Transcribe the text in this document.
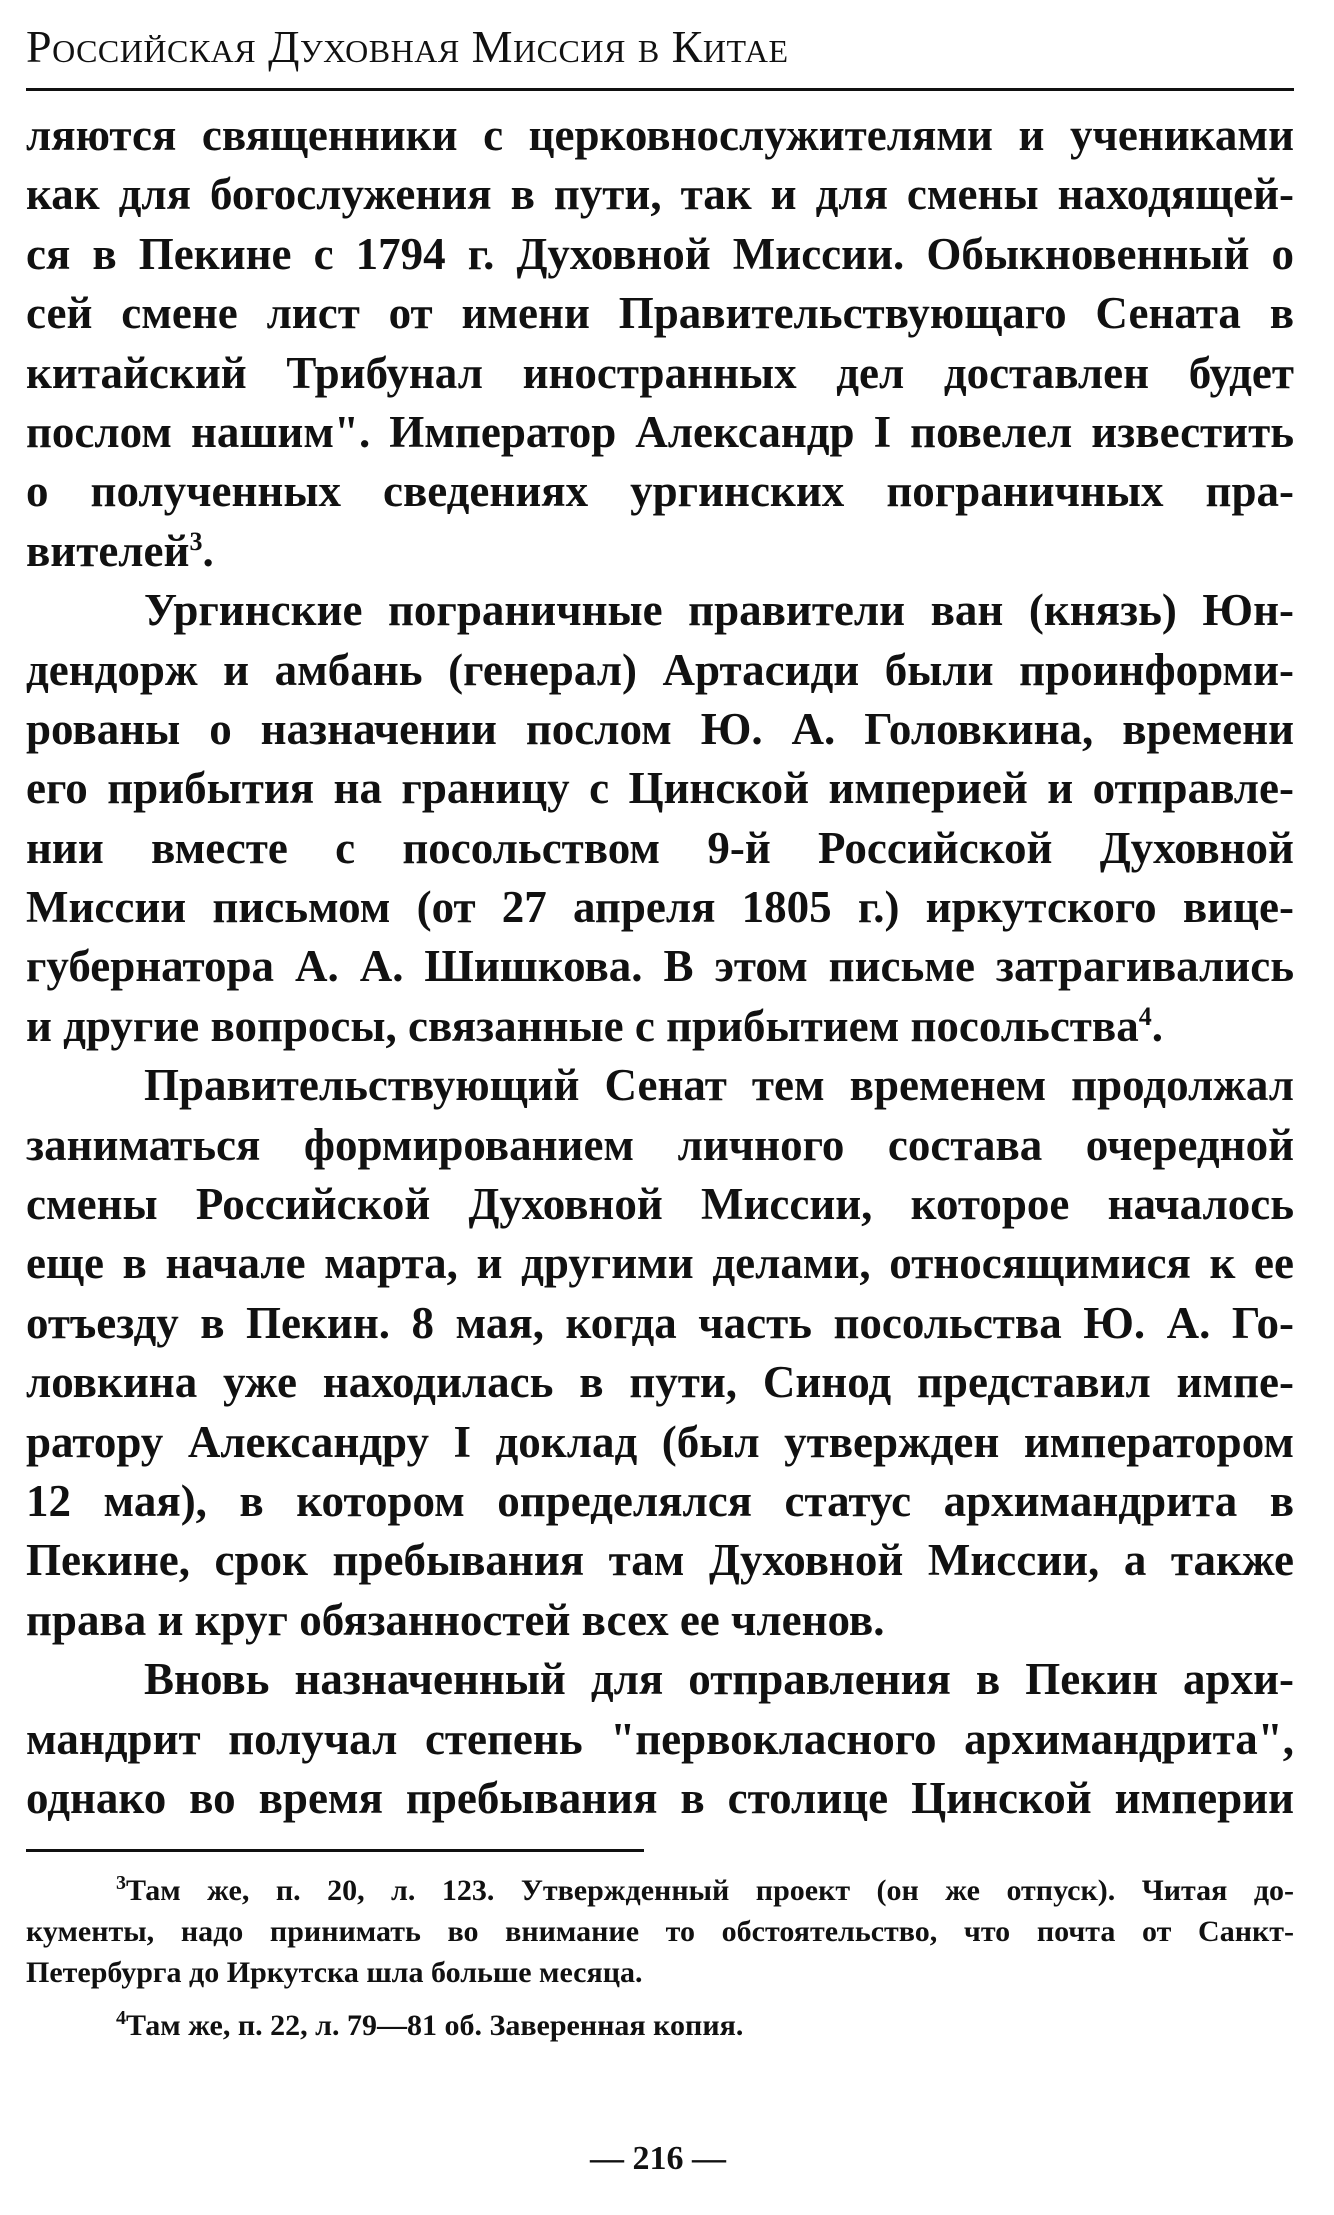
Российская Духовная Миссия в Китае
ляются священники с церковнослужителями и учениками
как для богослужения в пути, так и для смены находящей-
ся в Пекине с 1794 г. Духовной Миссии. Обыкновенный о
сей смене лист от имени Правительствующаго Сената в
китайский Трибунал иностранных дел доставлен будет
послом нашим". Император Александр I повелел известить
о полученных сведениях ургинских пограничных пра-
вителей$^3$.
Ургинские пограничные правители ван (князь) Юн-
дендорж и амбань (генерал) Артасиди были проинформи-
рованы о назначении послом Ю. А. Головкина, времени
его прибытия на границу с Цинской империей и отправле-
нии вместе с посольством 9-й Российской Духовной
Миссии письмом (от 27 апреля 1805 г.) иркутского вице-
губернатора А. А. Шишкова. В этом письме затрагивались
и другие вопросы, связанные с прибытием посольства$^4$.
Правительствующий Сенат тем временем продолжал
заниматься формированием личного состава очередной
смены Российской Духовной Миссии, которое началось
еще в начале марта, и другими делами, относящимися к ее
отъезду в Пекин. 8 мая, когда часть посольства Ю. А. Го-
ловкина уже находилась в пути, Синод представил импе-
ратору Александру I доклад (был утвержден императором
12 мая), в котором определялся статус архимандрита в
Пекине, срок пребывания там Духовной Миссии, а также
права и круг обязанностей всех ее членов.
Вновь назначенный для отправления в Пекин архи-
мандрит получал степень "первокласного архимандрита",
однако во время пребывания в столице Цинской империи
$^3$Там же, п. 20, л. 123. Утвержденный проект (он же отпуск). Читая до-
кументы, надо принимать во внимание то обстоятельство, что почта от Санкт-
Петербурга до Иркутска шла больше месяца.
$^4$Там же, п. 22, л. 79—81 об. Заверенная копия.
— 216 —
